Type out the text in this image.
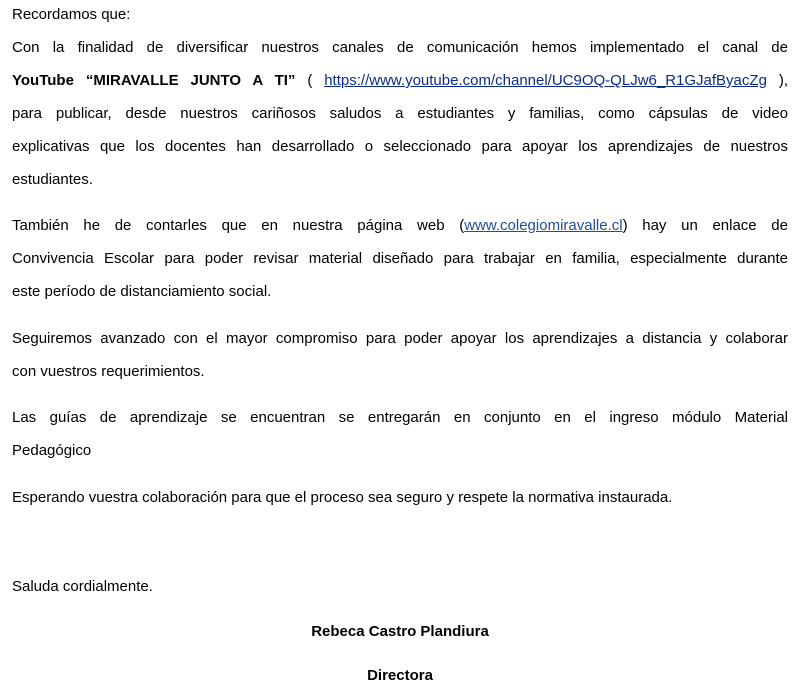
Recordamos que:
Con la finalidad de diversificar nuestros canales de comunicación hemos implementado el canal de
YouTube “MIRAVALLE JUNTO A TI” ( https://www.youtube.com/channel/UC9OQ-QLJw6_R1GJafByacZg ),
para publicar, desde nuestros cariñosos saludos a estudiantes y familias, como cápsulas de video
explicativas que los docentes han desarrollado o seleccionado para apoyar los aprendizajes de nuestros
estudiantes.
También he de contarles que en nuestra página web (www.colegiomiravalle.cl) hay un enlace de
Convivencia Escolar para poder revisar material diseñado para trabajar en familia, especialmente durante
este período de distanciamiento social.
Seguiremos avanzado con el mayor compromiso para poder apoyar los aprendizajes a distancia y colaborar
con vuestros requerimientos.
Las guías de aprendizaje se encuentran se entregarán en conjunto en el ingreso módulo Material
Pedagógico
Esperando vuestra colaboración para que el proceso sea seguro y respete la normativa instaurada.
Saluda cordialmente.
Rebeca Castro Plandiura
Directora
